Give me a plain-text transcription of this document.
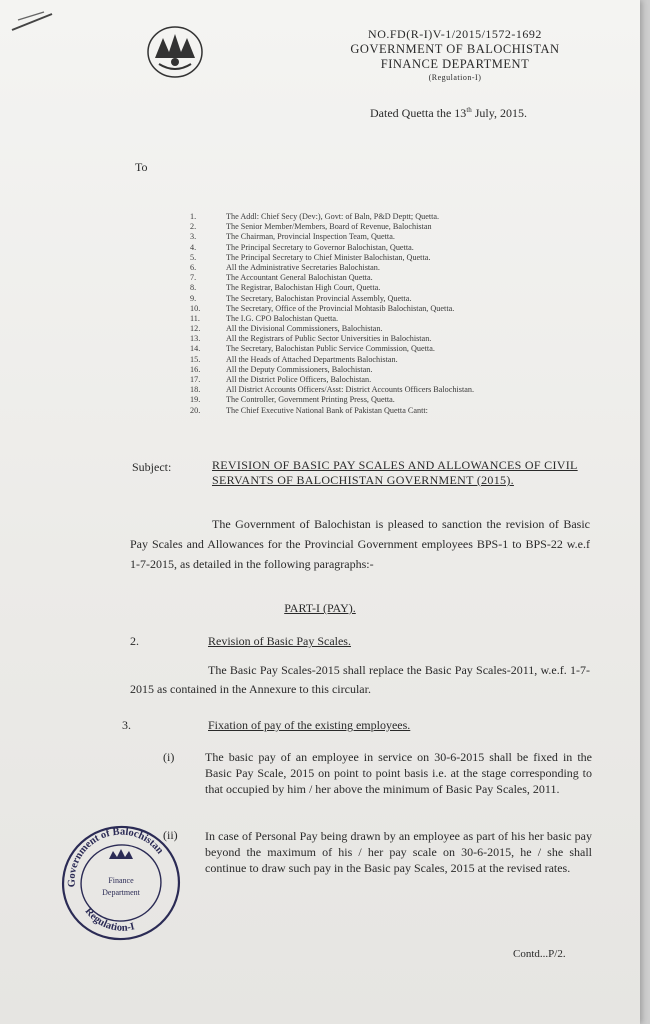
NO.FD(R-I)V-1/2015/1572-1692
GOVERNMENT OF BALOCHISTAN
FINANCE DEPARTMENT
(Regulation-I)
Dated Quetta the 13th July, 2015.
To
1.	The Addl: Chief Secy (Dev:), Govt: of Baln, P&D Deptt; Quetta.
2.	The Senior Member/Members, Board of Revenue, Balochistan
3.	The Chairman, Provincial Inspection Team, Quetta.
4.	The Principal Secretary to Governor Balochistan, Quetta.
5.	The Principal Secretary to Chief Minister Balochistan, Quetta.
6.	All the Administrative Secretaries Balochistan.
7.	The Accountant General Balochistan Quetta.
8.	The Registrar, Balochistan High Court, Quetta.
9.	The Secretary, Balochistan Provincial Assembly, Quetta.
10.	The Secretary, Office of the Provincial Mohtasib Balochistan, Quetta.
11.	The I.G. CPO Balochistan Quetta.
12.	All the Divisional Commissioners, Balochistan.
13.	All the Registrars of Public Sector Universities in Balochistan.
14.	The Secretary, Balochistan Public Service Commission, Quetta.
15.	All the Heads of Attached Departments Balochistan.
16.	All the Deputy Commissioners, Balochistan.
17.	All the District Police Officers, Balochistan.
18.	All District Accounts Officers/Asst: District Accounts Officers Balochistan.
19.	The Controller, Government Printing Press, Quetta.
20.	The Chief Executive National Bank of Pakistan Quetta Cantt:
Subject:	REVISION OF BASIC PAY SCALES AND ALLOWANCES OF CIVIL SERVANTS OF BALOCHISTAN GOVERNMENT (2015).
The Government of Balochistan is pleased to sanction the revision of Basic Pay Scales and Allowances for the Provincial Government employees BPS-1 to BPS-22 w.e.f 1-7-2015, as detailed in the following paragraphs:-
PART-I (PAY).
2.	Revision of Basic Pay Scales.
The Basic Pay Scales-2015 shall replace the Basic Pay Scales-2011, w.e.f. 1-7-2015 as contained in the Annexure to this circular.
3.	Fixation of pay of the existing employees.
(i)	The basic pay of an employee in service on 30-6-2015 shall be fixed in the Basic Pay Scale, 2015 on point to point basis i.e. at the stage corresponding to that occupied by him / her above the minimum of Basic Pay Scales, 2011.
(ii) In case of Personal Pay being drawn by an employee as part of his her basic pay beyond the maximum of his / her pay scale on 30-6-2015, he / she shall continue to draw such pay in the Basic pay Scales, 2015 at the revised rates.
Government of Balochistan
Regulation-I
Finance
Department
Contd...P/2.
